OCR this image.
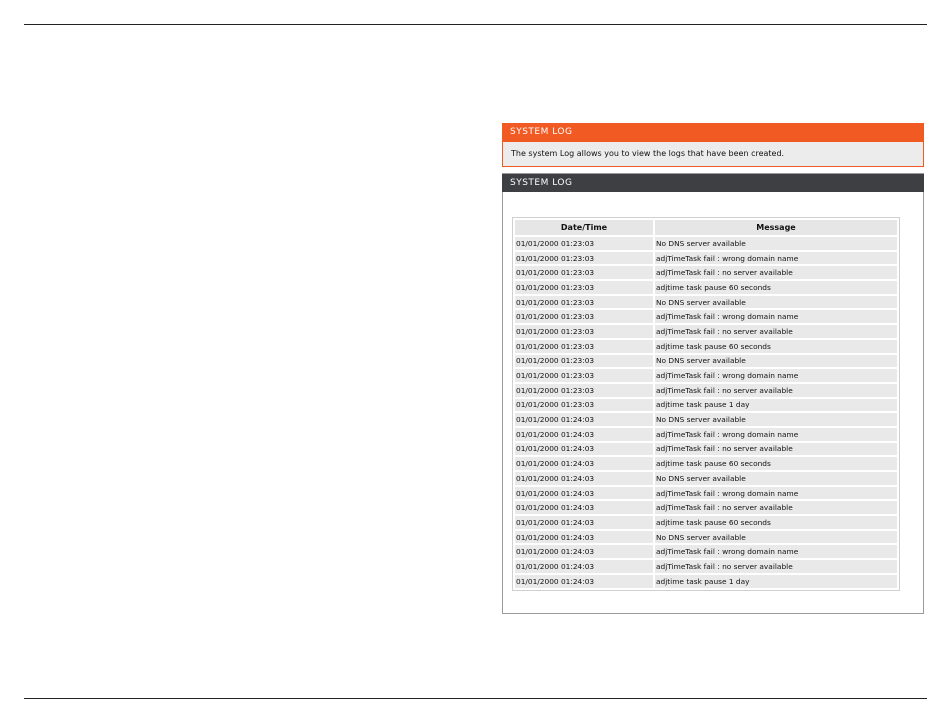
SYSTEM LOG
The system Log allows you to view the logs that have been created.
SYSTEM LOG
Date/Time	Message
01/01/2000 01:23:03	No DNS server available
01/01/2000 01:23:03	adjTimeTask fail : wrong domain name
01/01/2000 01:23:03	adjTimeTask fail : no server available
01/01/2000 01:23:03	adjtime task pause 60 seconds
01/01/2000 01:23:03	No DNS server available
01/01/2000 01:23:03	adjTimeTask fail : wrong domain name
01/01/2000 01:23:03	adjTimeTask fail : no server available
01/01/2000 01:23:03	adjtime task pause 60 seconds
01/01/2000 01:23:03	No DNS server available
01/01/2000 01:23:03	adjTimeTask fail : wrong domain name
01/01/2000 01:23:03	adjTimeTask fail : no server available
01/01/2000 01:23:03	adjtime task pause 1 day
01/01/2000 01:24:03	No DNS server available
01/01/2000 01:24:03	adjTimeTask fail : wrong domain name
01/01/2000 01:24:03	adjTimeTask fail : no server available
01/01/2000 01:24:03	adjtime task pause 60 seconds
01/01/2000 01:24:03	No DNS server available
01/01/2000 01:24:03	adjTimeTask fail : wrong domain name
01/01/2000 01:24:03	adjTimeTask fail : no server available
01/01/2000 01:24:03	adjtime task pause 60 seconds
01/01/2000 01:24:03	No DNS server available
01/01/2000 01:24:03	adjTimeTask fail : wrong domain name
01/01/2000 01:24:03	adjTimeTask fail : no server available
01/01/2000 01:24:03	adjtime task pause 1 day
